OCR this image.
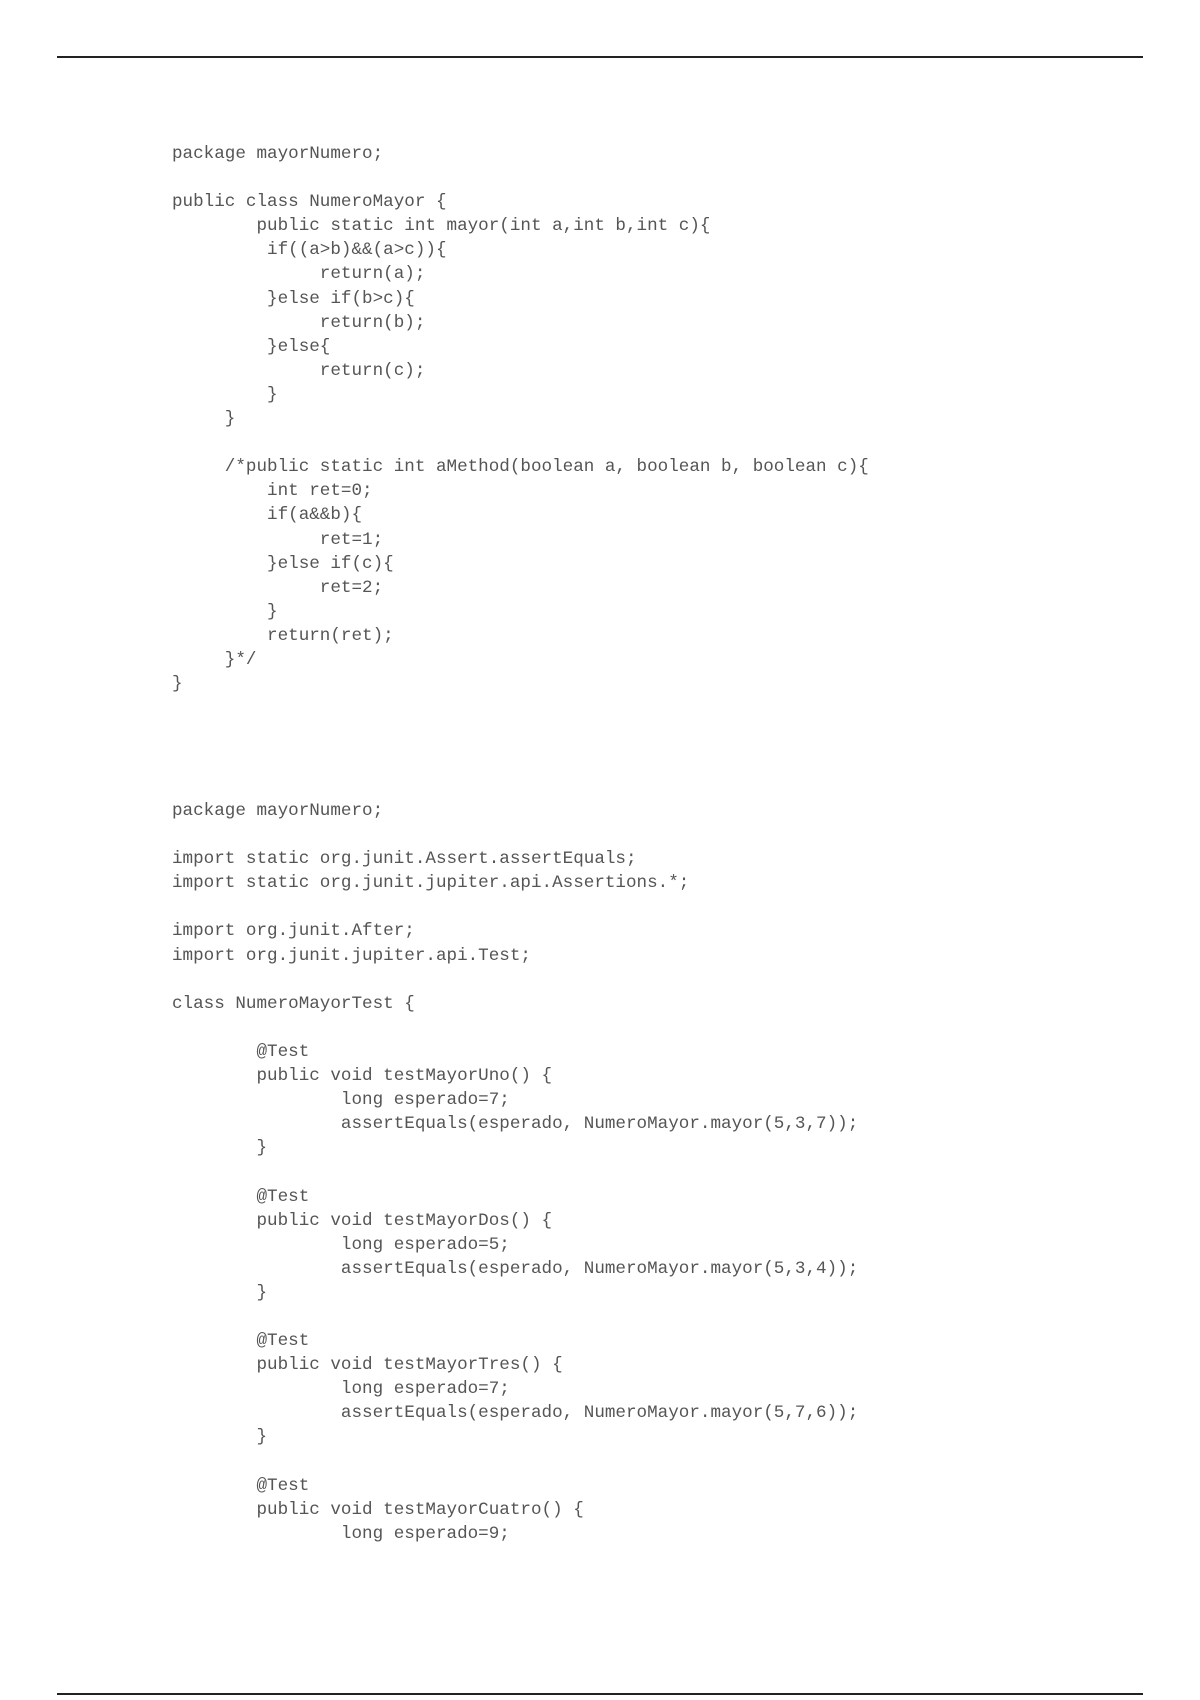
package mayorNumero;
public class NumeroMayor {
public static int mayor(int a,int b,int c){
if((a>b)&&(a>c)){
return(a);
}else if(b>c){
return(b);
}else{
return(c);
}
}
/*public static int aMethod(boolean a, boolean b, boolean c){
int ret=0;
if(a&&b){
ret=1;
}else if(c){
ret=2;
}
return(ret);
}*/
}
package mayorNumero;
import static org.junit.Assert.assertEquals;
import static org.junit.jupiter.api.Assertions.*;
import org.junit.After;
import org.junit.jupiter.api.Test;
class NumeroMayorTest {
@Test
public void testMayorUno() {
long esperado=7;
assertEquals(esperado, NumeroMayor.mayor(5,3,7));
}
@Test
public void testMayorDos() {
long esperado=5;
assertEquals(esperado, NumeroMayor.mayor(5,3,4));
}
@Test
public void testMayorTres() {
long esperado=7;
assertEquals(esperado, NumeroMayor.mayor(5,7,6));
}
@Test
public void testMayorCuatro() {
long esperado=9;
